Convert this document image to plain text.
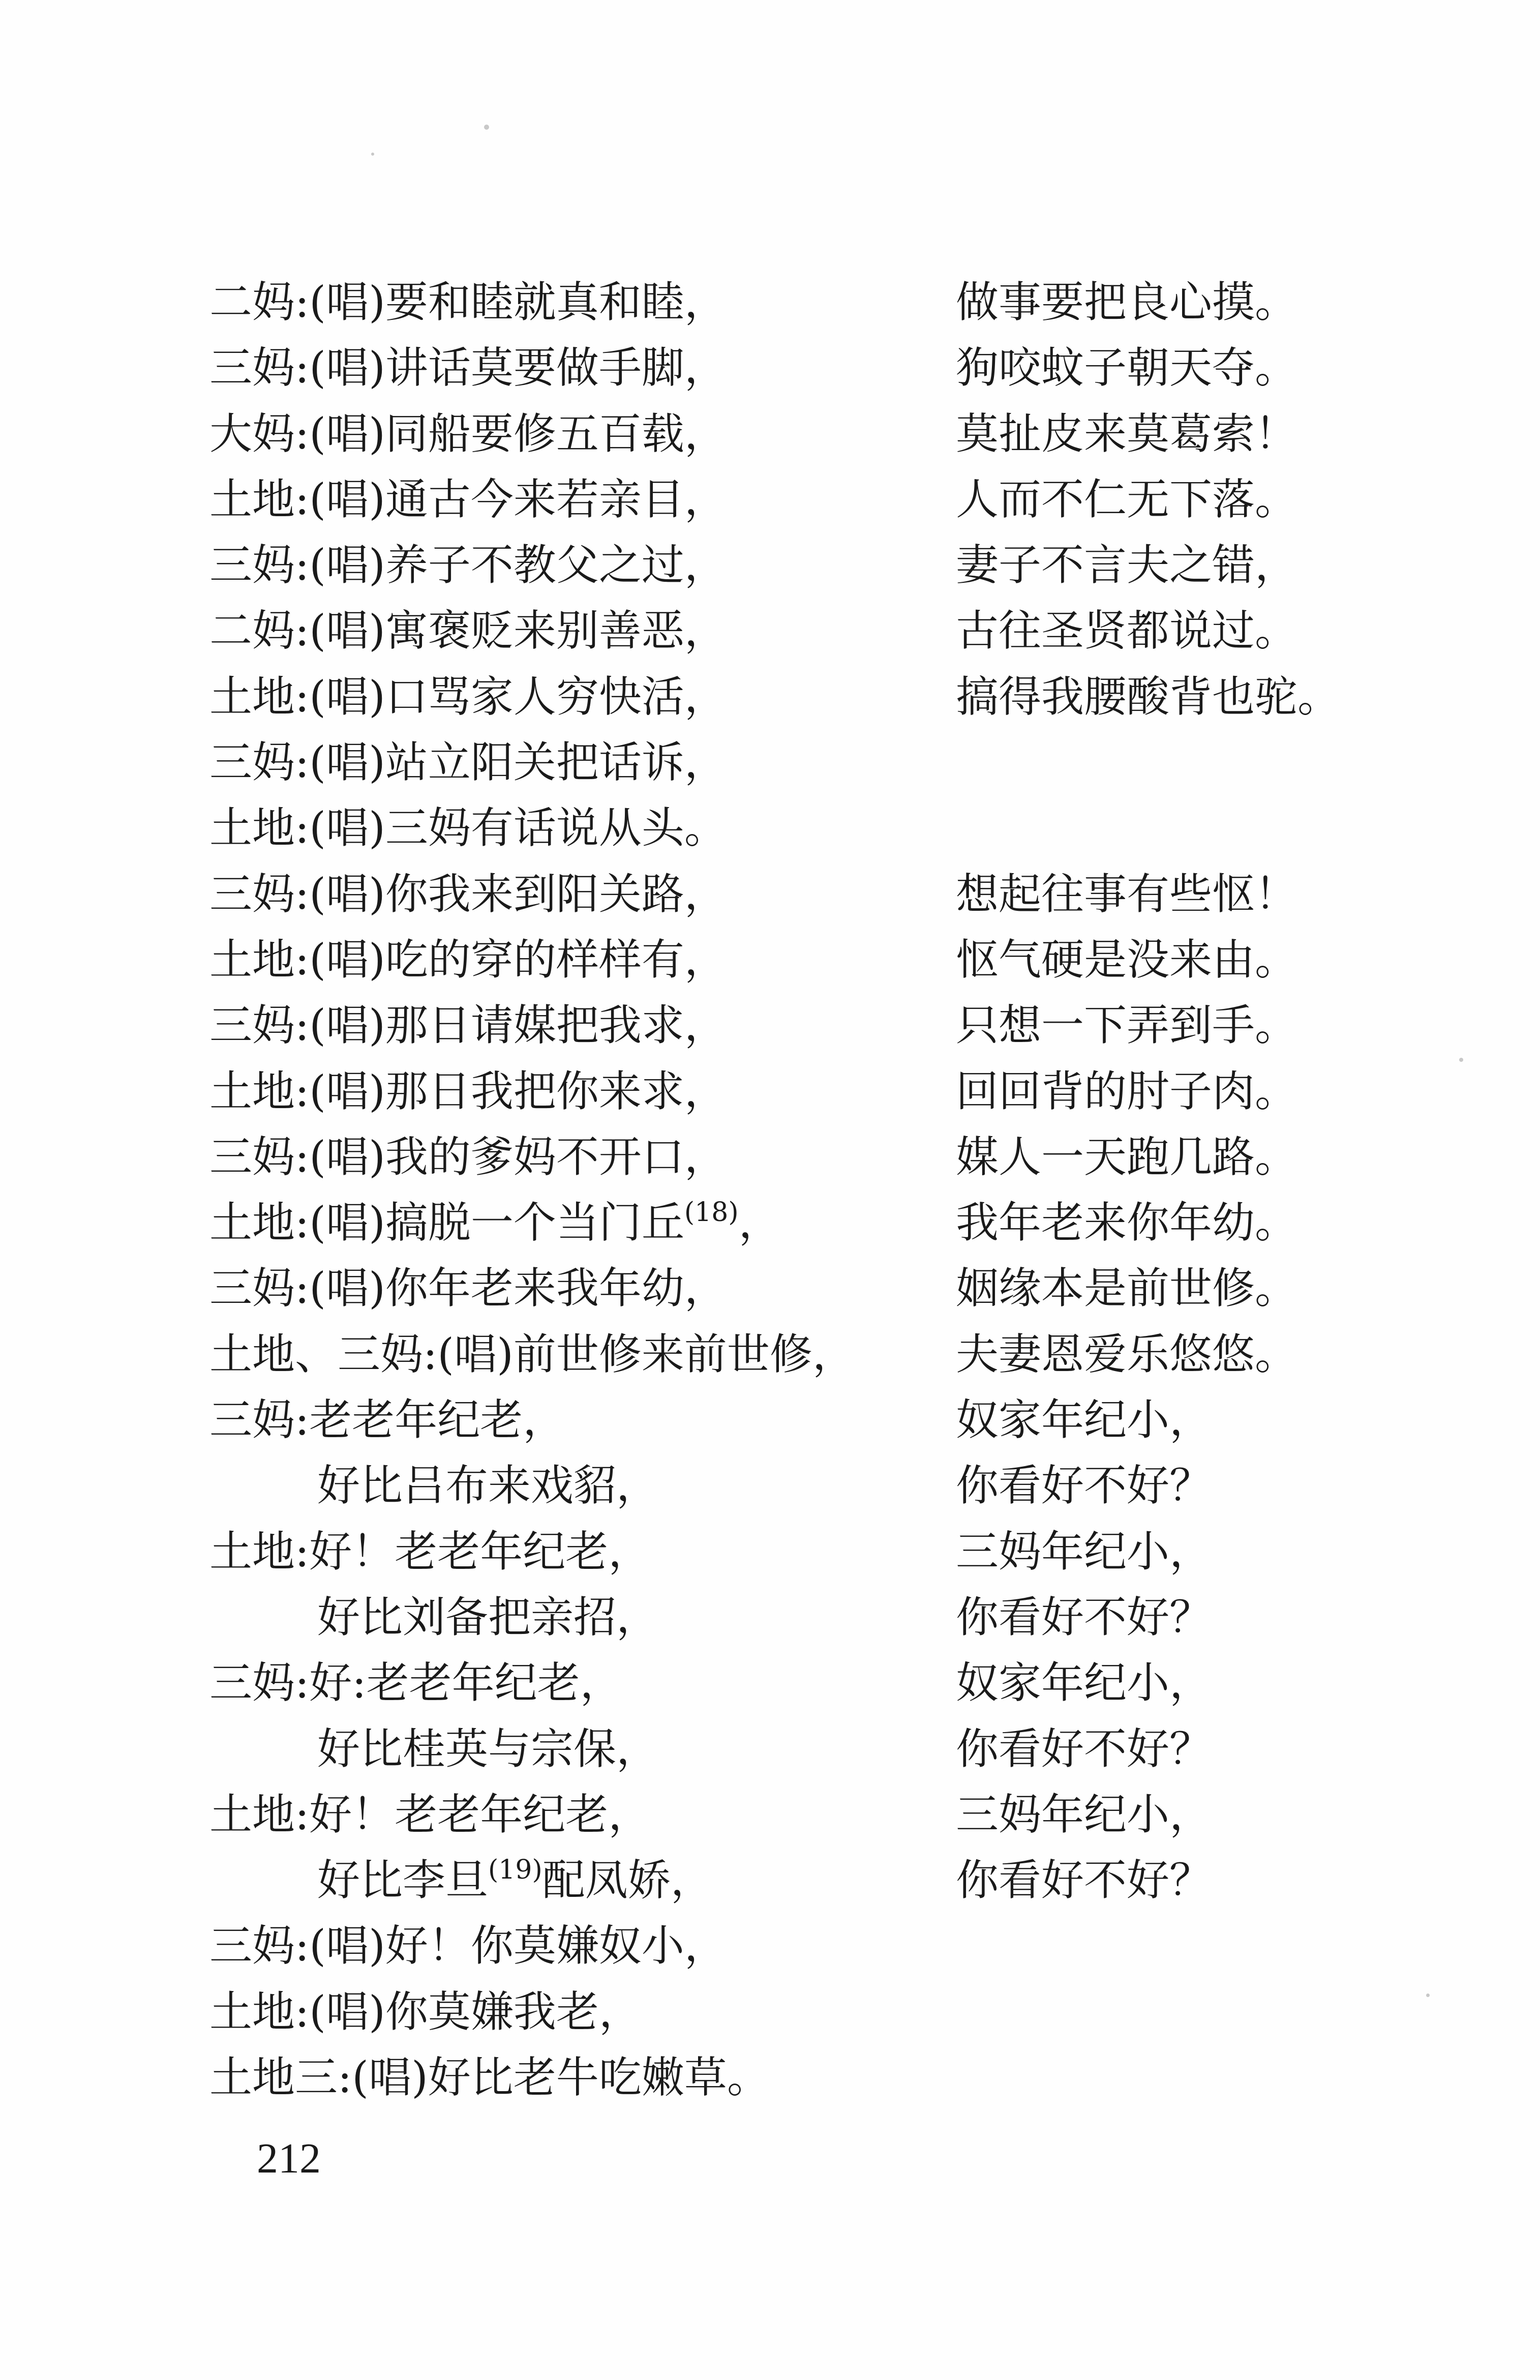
二妈:(唱)要和睦就真和睦，	做事要把良心摸。
三妈:(唱)讲话莫要做手脚，	狗咬蚊子朝天夺。
大妈:(唱)同船要修五百载，	莫扯皮来莫葛索！
土地:(唱)通古今来若亲目，	人而不仁无下落。
三妈:(唱)养子不教父之过，	妻子不言夫之错，
二妈:(唱)寓褒贬来别善恶，	古往圣贤都说过。
土地:(唱)口骂家人穷快活，	搞得我腰酸背也驼。
三妈:(唱)站立阳关把话诉，
土地:(唱)三妈有话说从头。
三妈:(唱)你我来到阳关路，	想起往事有些怄！
土地:(唱)吃的穿的样样有，	怄气硬是没来由。
三妈:(唱)那日请媒把我求，	只想一下弄到手。
土地:(唱)那日我把你来求，	回回背的肘子肉。
三妈:(唱)我的爹妈不开口，	媒人一天跑几路。
土地:(唱)搞脱一个当门丘$^{(18)}$，	我年老来你年幼。
三妈:(唱)你年老来我年幼，	姻缘本是前世修。
土地、三妈:(唱)前世修来前世修， 夫妻恩爱乐悠悠。
三妈:老老年纪老，	奴家年纪小，
好比吕布来戏貂，	你看好不好？
土地:好！老老年纪老，	三妈年纪小，
好比刘备把亲招，	你看好不好？
三妈:好:老老年纪老，	奴家年纪小，
好比桂英与宗保，	你看好不好？
土地:好！老老年纪老，	三妈年纪小，
好比李旦$^{(19)}$配凤娇，	你看好不好？
三妈:(唱)好！你莫嫌奴小，
土地:(唱)你莫嫌我老，
土地三:(唱)好比老牛吃嫩草。
212
